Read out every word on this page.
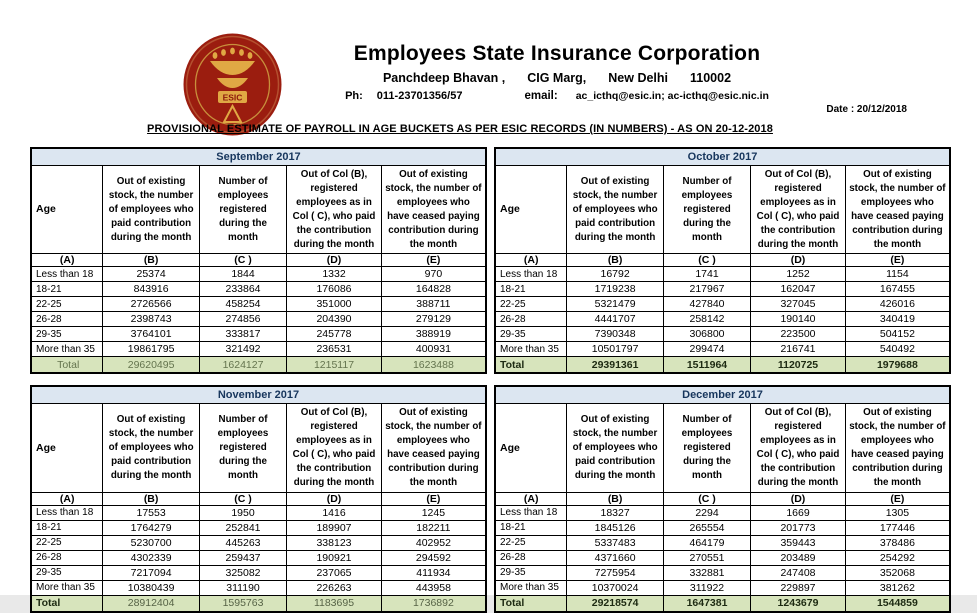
ESIC
Employees State Insurance Corporation
Panchdeep Bhavan , CIG Marg, New Delhi 110002
Ph: 011-23701356/57	email: ac_icthq@esic.in; ac-icthq@esic.nic.in
Date : 20/12/2018
PROVISIONAL ESTIMATE OF PAYROLL IN AGE BUCKETS AS PER ESIC RECORDS (IN NUMBERS) - AS ON 20-12-2018
September 2017				
Age	Out of existing stock, the number of employees who paid contribution during the month	Number of employees registered during the month	Out of Col (B), registered employees as in Col ( C), who paid the contribution during the month	Out of existing stock, the number of employees who have ceased paying contribution during the month
(A)	(B)	(C )	(D)	(E)
Less than 18	25374	1844	1332	970
18-21	843916	233864	176086	164828
22-25	2726566	458254	351000	388711
26-28	2398743	274856	204390	279129
29-35	3764101	333817	245778	388919
More than 35	19861795	321492	236531	400931
Total	29620495	1624127	1215117	1623488
October 2017				
Age	Out of existing stock, the number of employees who paid contribution during the month	Number of employees registered during the month	Out of Col (B), registered employees as in Col ( C), who paid the contribution during the month	Out of existing stock, the number of employees who have ceased paying contribution during the month
(A)	(B)	(C )	(D)	(E)
Less than 18	16792	1741	1252	1154
18-21	1719238	217967	162047	167455
22-25	5321479	427840	327045	426016
26-28	4441707	258142	190140	340419
29-35	7390348	306800	223500	504152
More than 35	10501797	299474	216741	540492
Total	29391361	1511964	1120725	1979688
November 2017				
Age	Out of existing stock, the number of employees who paid contribution during the month	Number of employees registered during the month	Out of Col (B), registered employees as in Col ( C), who paid the contribution during the month	Out of existing stock, the number of employees who have ceased paying contribution during the month
(A)	(B)	(C )	(D)	(E)
Less than 18	17553	1950	1416	1245
18-21	1764279	252841	189907	182211
22-25	5230700	445263	338123	402952
26-28	4302339	259437	190921	294592
29-35	7217094	325082	237065	411934
More than 35	10380439	311190	226263	443958
Total	28912404	1595763	1183695	1736892
December 2017				
Age	Out of existing stock, the number of employees who paid contribution during the month	Number of employees registered during the month	Out of Col (B), registered employees as in Col ( C), who paid the contribution during the month	Out of existing stock, the number of employees who have ceased paying contribution during the month
(A)	(B)	(C )	(D)	(E)
Less than 18	18327	2294	1669	1305
18-21	1845126	265554	201773	177446
22-25	5337483	464179	359443	378486
26-28	4371660	270551	203489	254292
29-35	7275954	332881	247408	352068
More than 35	10370024	311922	229897	381262
Total	29218574	1647381	1243679	1544859
